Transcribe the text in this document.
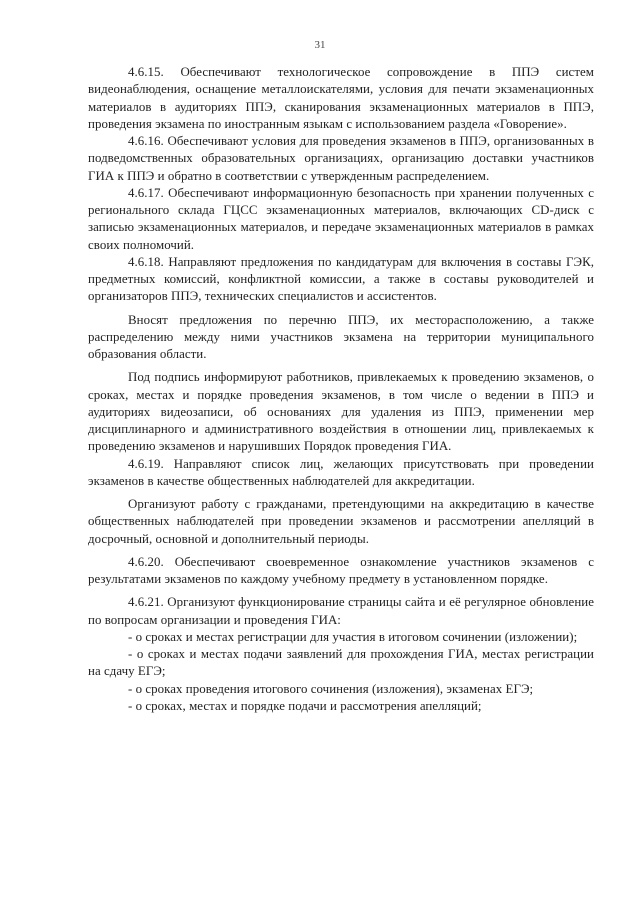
31

4.6.15. Обеспечивают технологическое сопровождение в ППЭ систем видеонаблюдения, оснащение металлоискателями, условия для печати экзаменационных материалов в аудиториях ППЭ, сканирования экзаменационных материалов в ППЭ, проведения экзамена по иностранным языкам с использованием раздела «Говорение».

4.6.16. Обеспечивают условия для проведения экзаменов в ППЭ, организованных в подведомственных образовательных организациях, организацию доставки участников ГИА к ППЭ и обратно в соответствии с утвержденным распределением.

4.6.17. Обеспечивают информационную безопасность при хранении полученных с регионального склада ГЦСС экзаменационных материалов, включающих CD-диск с записью экзаменационных материалов, и передаче экзаменационных материалов в рамках своих полномочий.

4.6.18. Направляют предложения по кандидатурам для включения в составы ГЭК, предметных комиссий, конфликтной комиссии, а также в составы руководителей и организаторов ППЭ, технических специалистов и ассистентов.

Вносят предложения по перечню ППЭ, их месторасположению, а также распределению между ними участников экзамена на территории муниципального образования области.

Под подпись информируют работников, привлекаемых к проведению экзаменов, о сроках, местах и порядке проведения экзаменов, в том числе о ведении в ППЭ и аудиториях видеозаписи, об основаниях для удаления из ППЭ, применении мер дисциплинарного и административного воздействия в отношении лиц, привлекаемых к проведению экзаменов и нарушивших Порядок проведения ГИА.

4.6.19. Направляют список лиц, желающих присутствовать при проведении экзаменов в качестве общественных наблюдателей для аккредитации.

Организуют работу с гражданами, претендующими на аккредитацию в качестве общественных наблюдателей при проведении экзаменов и рассмотрении апелляций в досрочный, основной и дополнительный периоды.

4.6.20. Обеспечивают своевременное ознакомление участников экзаменов с результатами экзаменов по каждому учебному предмету в установленном порядке.

4.6.21. Организуют функционирование страницы сайта и её регулярное обновление по вопросам организации и проведения ГИА:

- о сроках и местах регистрации для участия в итоговом сочинении (изложении);

- о сроках и местах подачи заявлений для прохождения ГИА, местах регистрации на сдачу ЕГЭ;

- о сроках проведения итогового сочинения (изложения), экзаменах ЕГЭ;

- о сроках, местах и порядке подачи и рассмотрения апелляций;
